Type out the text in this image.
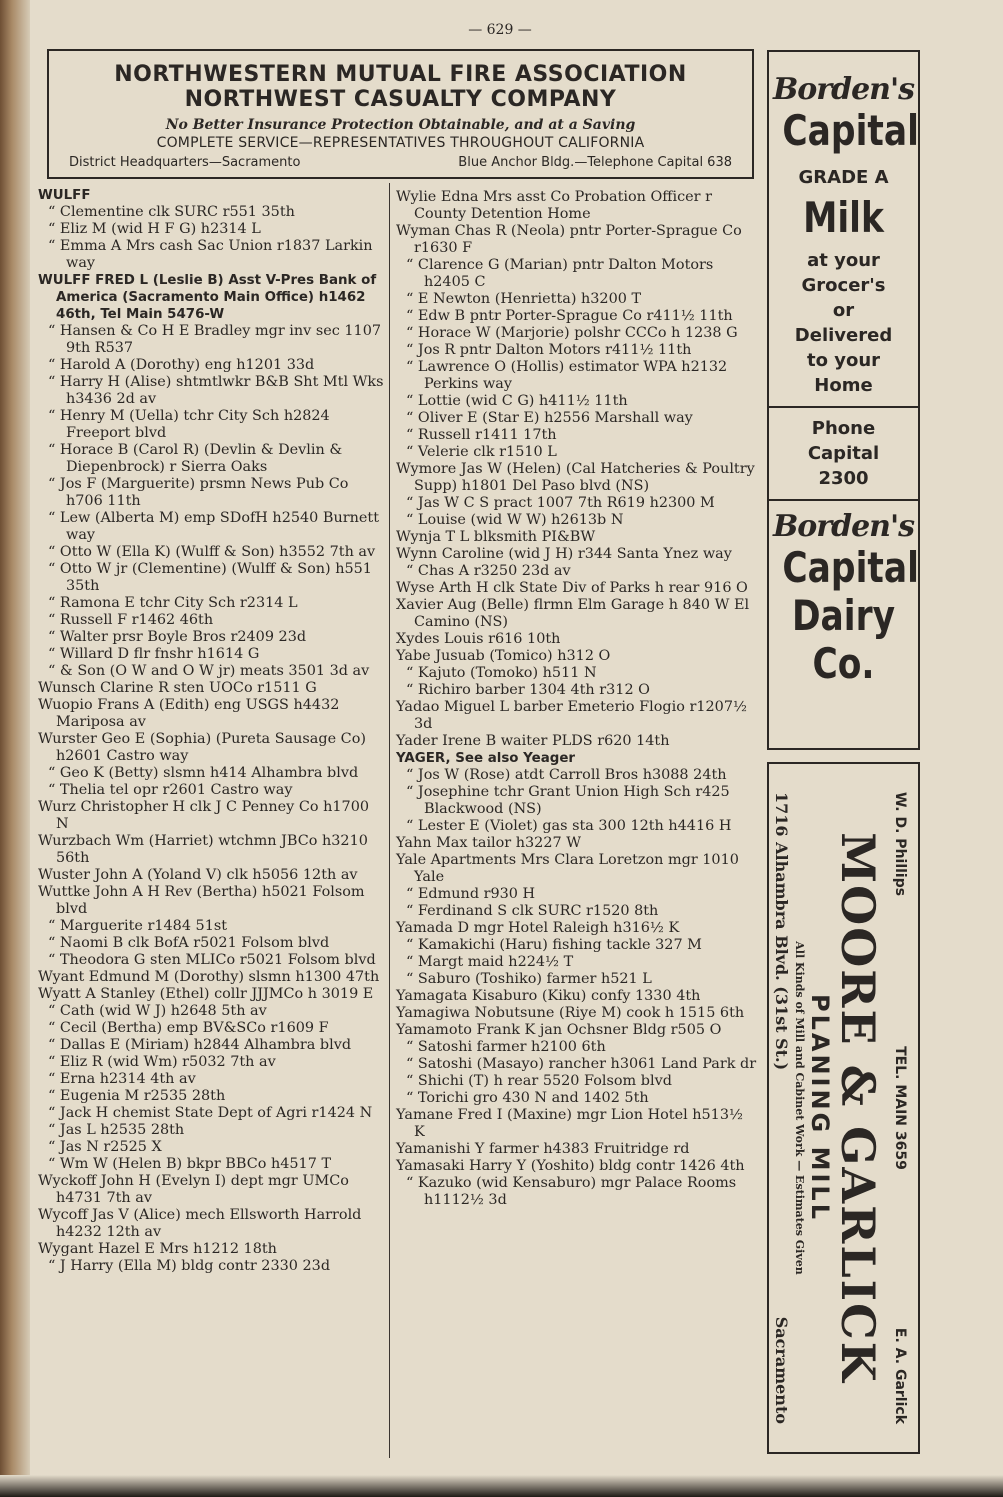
— 629 —
NORTHWESTERN MUTUAL FIRE ASSOCIATION
NORTHWEST CASUALTY COMPANY
No Better Insurance Protection Obtainable, and at a Saving
COMPLETE SERVICE—REPRESENTATIVES THROUGHOUT CALIFORNIA
District Headquarters—Sacramento	Blue Anchor Bldg.—Telephone Capital 638
WULFF
“ Clementine clk SURC r551 35th
“ Eliz M (wid H F G) h2314 L
“ Emma A Mrs cash Sac Union r1837 Larkin way
WULFF FRED L (Leslie B) Asst V-Pres Bank of America (Sacramento Main Office) h1462 46th, Tel Main 5476-W
“ Hansen & Co H E Bradley mgr inv sec 1107 9th R537
“ Harold A (Dorothy) eng h1201 33d
“ Harry H (Alise) shtmtlwkr B&B Sht Mtl Wks h3436 2d av
“ Henry M (Uella) tchr City Sch h2824 Freeport blvd
“ Horace B (Carol R) (Devlin & Devlin & Diepenbrock) r Sierra Oaks
“ Jos F (Marguerite) prsmn News Pub Co h706 11th
“ Lew (Alberta M) emp SDofH h2540 Burnett way
“ Otto W (Ella K) (Wulff & Son) h3552 7th av
“ Otto W jr (Clementine) (Wulff & Son) h551 35th
“ Ramona E tchr City Sch r2314 L
“ Russell F r1462 46th
“ Walter prsr Boyle Bros r2409 23d
“ Willard D flr fnshr h1614 G
“ & Son (O W and O W jr) meats 3501 3d av
Wunsch Clarine R sten UOCo r1511 G
Wuopio Frans A (Edith) eng USGS h4432 Mariposa av
Wurster Geo E (Sophia) (Pureta Sausage Co) h2601 Castro way
“ Geo K (Betty) slsmn h414 Alhambra blvd
“ Thelia tel opr r2601 Castro way
Wurz Christopher H clk J C Penney Co h1700 N
Wurzbach Wm (Harriet) wtchmn JBCo h3210 56th
Wuster John A (Yoland V) clk h5056 12th av
Wuttke John A H Rev (Bertha) h5021 Folsom blvd
“ Marguerite r1484 51st
“ Naomi B clk BofA r5021 Folsom blvd
“ Theodora G sten MLICo r5021 Folsom blvd
Wyant Edmund M (Dorothy) slsmn h1300 47th
Wyatt A Stanley (Ethel) collr JJJMCo h 3019 E
“ Cath (wid W J) h2648 5th av
“ Cecil (Bertha) emp BV&SCo r1609 F
“ Dallas E (Miriam) h2844 Alhambra blvd
“ Eliz R (wid Wm) r5032 7th av
“ Erna h2314 4th av
“ Eugenia M r2535 28th
“ Jack H chemist State Dept of Agri r1424 N
“ Jas L h2535 28th
“ Jas N r2525 X
“ Wm W (Helen B) bkpr BBCo h4517 T
Wyckoff John H (Evelyn I) dept mgr UMCo h4731 7th av
Wycoff Jas V (Alice) mech Ellsworth Harrold h4232 12th av
Wygant Hazel E Mrs h1212 18th
“ J Harry (Ella M) bldg contr 2330 23d
Wylie Edna Mrs asst Co Probation Officer r County Detention Home
Wyman Chas R (Neola) pntr Porter-Sprague Co r1630 F
“ Clarence G (Marian) pntr Dalton Motors h2405 C
“ E Newton (Henrietta) h3200 T
“ Edw B pntr Porter-Sprague Co r411½ 11th
“ Horace W (Marjorie) polshr CCCo h 1238 G
“ Jos R pntr Dalton Motors r411½ 11th
“ Lawrence O (Hollis) estimator WPA h2132 Perkins way
“ Lottie (wid C G) h411½ 11th
“ Oliver E (Star E) h2556 Marshall way
“ Russell r1411 17th
“ Velerie clk r1510 L
Wymore Jas W (Helen) (Cal Hatcheries & Poultry Supp) h1801 Del Paso blvd (NS)
“ Jas W C S pract 1007 7th R619 h2300 M
“ Louise (wid W W) h2613b N
Wynja T L blksmith PI&BW
Wynn Caroline (wid J H) r344 Santa Ynez way
“ Chas A r3250 23d av
Wyse Arth H clk State Div of Parks h rear 916 O
Xavier Aug (Belle) flrmn Elm Garage h 840 W El Camino (NS)
Xydes Louis r616 10th
Yabe Jusuab (Tomico) h312 O
“ Kajuto (Tomoko) h511 N
“ Richiro barber 1304 4th r312 O
Yadao Miguel L barber Emeterio Flogio r1207½ 3d
Yader Irene B waiter PLDS r620 14th
YAGER, See also Yeager
“ Jos W (Rose) atdt Carroll Bros h3088 24th
“ Josephine tchr Grant Union High Sch r425 Blackwood (NS)
“ Lester E (Violet) gas sta 300 12th h4416 H
Yahn Max tailor h3227 W
Yale Apartments Mrs Clara Loretzon mgr 1010 Yale
“ Edmund r930 H
“ Ferdinand S clk SURC r1520 8th
Yamada D mgr Hotel Raleigh h316½ K
“ Kamakichi (Haru) fishing tackle 327 M
“ Margt maid h224½ T
“ Saburo (Toshiko) farmer h521 L
Yamagata Kisaburo (Kiku) confy 1330 4th
Yamagiwa Nobutsune (Riye M) cook h 1515 6th
Yamamoto Frank K jan Ochsner Bldg r505 O
“ Satoshi farmer h2100 6th
“ Satoshi (Masayo) rancher h3061 Land Park dr
“ Shichi (T) h rear 5520 Folsom blvd
“ Torichi gro 430 N and 1402 5th
Yamane Fred I (Maxine) mgr Lion Hotel h513½ K
Yamanishi Y farmer h4383 Fruitridge rd
Yamasaki Harry Y (Yoshito) bldg contr 1426 4th
“ Kazuko (wid Kensaburo) mgr Palace Rooms h1112½ 3d
Borden's
Capital
GRADE A
Milk
at your
Grocer's
or
Delivered
to your
Home
Phone
Capital
2300
Borden's
Capital
Dairy
Co.
W. D. Phillips
TEL. MAIN 3659
E. A. Garlick
MOORE & GARLICK
PLANING MILL
All Kinds of Mill and Cabinet Work — Estimates Given
1716 Alhambra Blvd. (31st St.)
Sacramento
